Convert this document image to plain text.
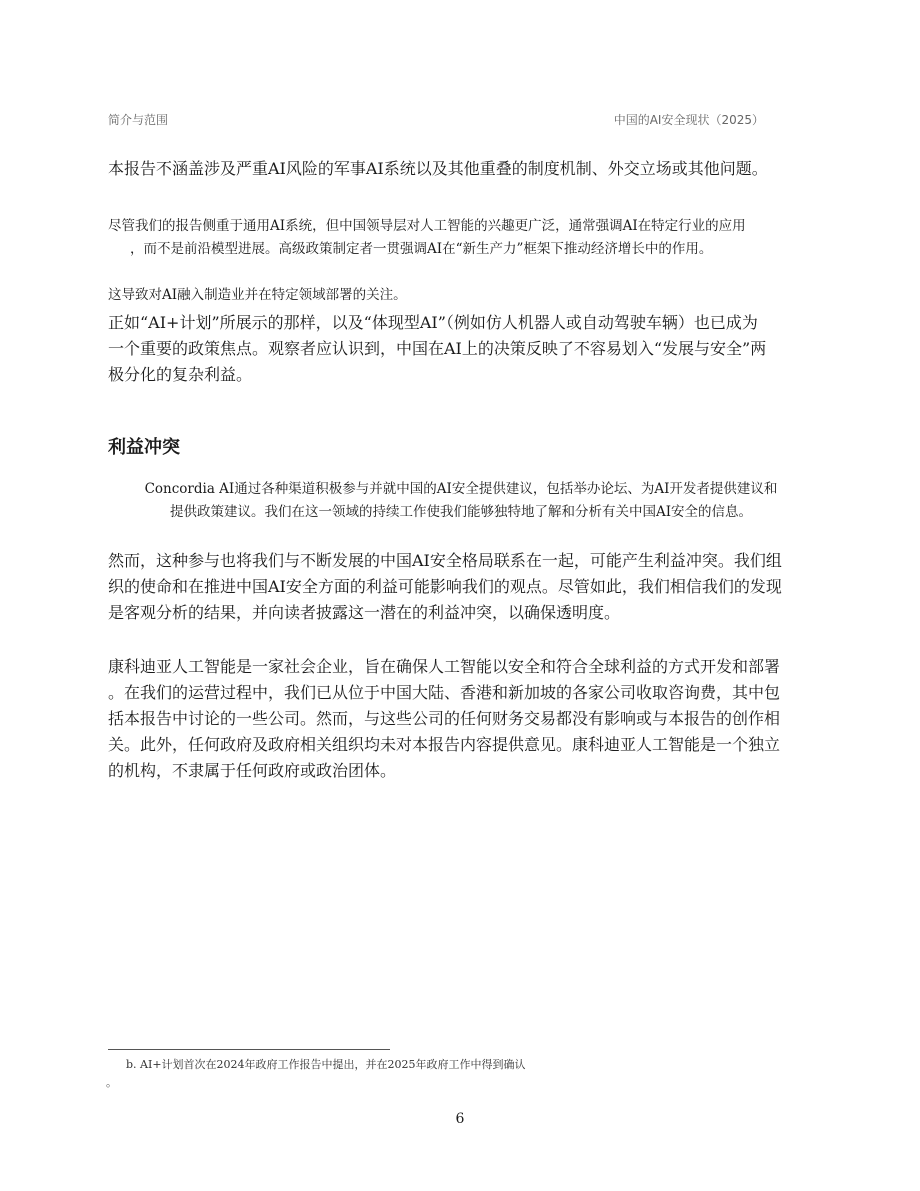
简介与范围	中国的AI安全现状（2025）

本报告不涵盖涉及严重AI风险的军事AI系统以及其他重叠的制度机制、外交立场或其他问题。

尽管我们的报告侧重于通用AI系统，但中国领导层对人工智能的兴趣更广泛，通常强调AI在特定行业的应用
，而不是前沿模型进展。高级政策制定者一贯强调AI在“新生产力”框架下推动经济增长中的作用。

这导致对AI融入制造业并在特定领域部署的关注。

正如“AI+计划”所展示的那样，以及“体现型AI”（例如仿人机器人或自动驾驶车辆）也已成为
一个重要的政策焦点。观察者应认识到，中国在AI上的决策反映了不容易划入“发展与安全”两
极分化的复杂利益。

利益冲突

Concordia AI通过各种渠道积极参与并就中国的AI安全提供建议，包括举办论坛、为AI开发者提供建议和
提供政策建议。我们在这一领域的持续工作使我们能够独特地了解和分析有关中国AI安全的信息。

然而，这种参与也将我们与不断发展的中国AI安全格局联系在一起，可能产生利益冲突。我们组
织的使命和在推进中国AI安全方面的利益可能影响我们的观点。尽管如此，我们相信我们的发现
是客观分析的结果，并向读者披露这一潜在的利益冲突，以确保透明度。

康科迪亚人工智能是一家社会企业，旨在确保人工智能以安全和符合全球利益的方式开发和部署
。在我们的运营过程中，我们已从位于中国大陆、香港和新加坡的各家公司收取咨询费，其中包
括本报告中讨论的一些公司。然而，与这些公司的任何财务交易都没有影响或与本报告的创作相
关。此外，任何政府及政府相关组织均未对本报告内容提供意见。康科迪亚人工智能是一个独立
的机构，不隶属于任何政府或政治团体。

b. AI+计划首次在2024年政府工作报告中提出，并在2025年政府工作中得到确认
。
6
